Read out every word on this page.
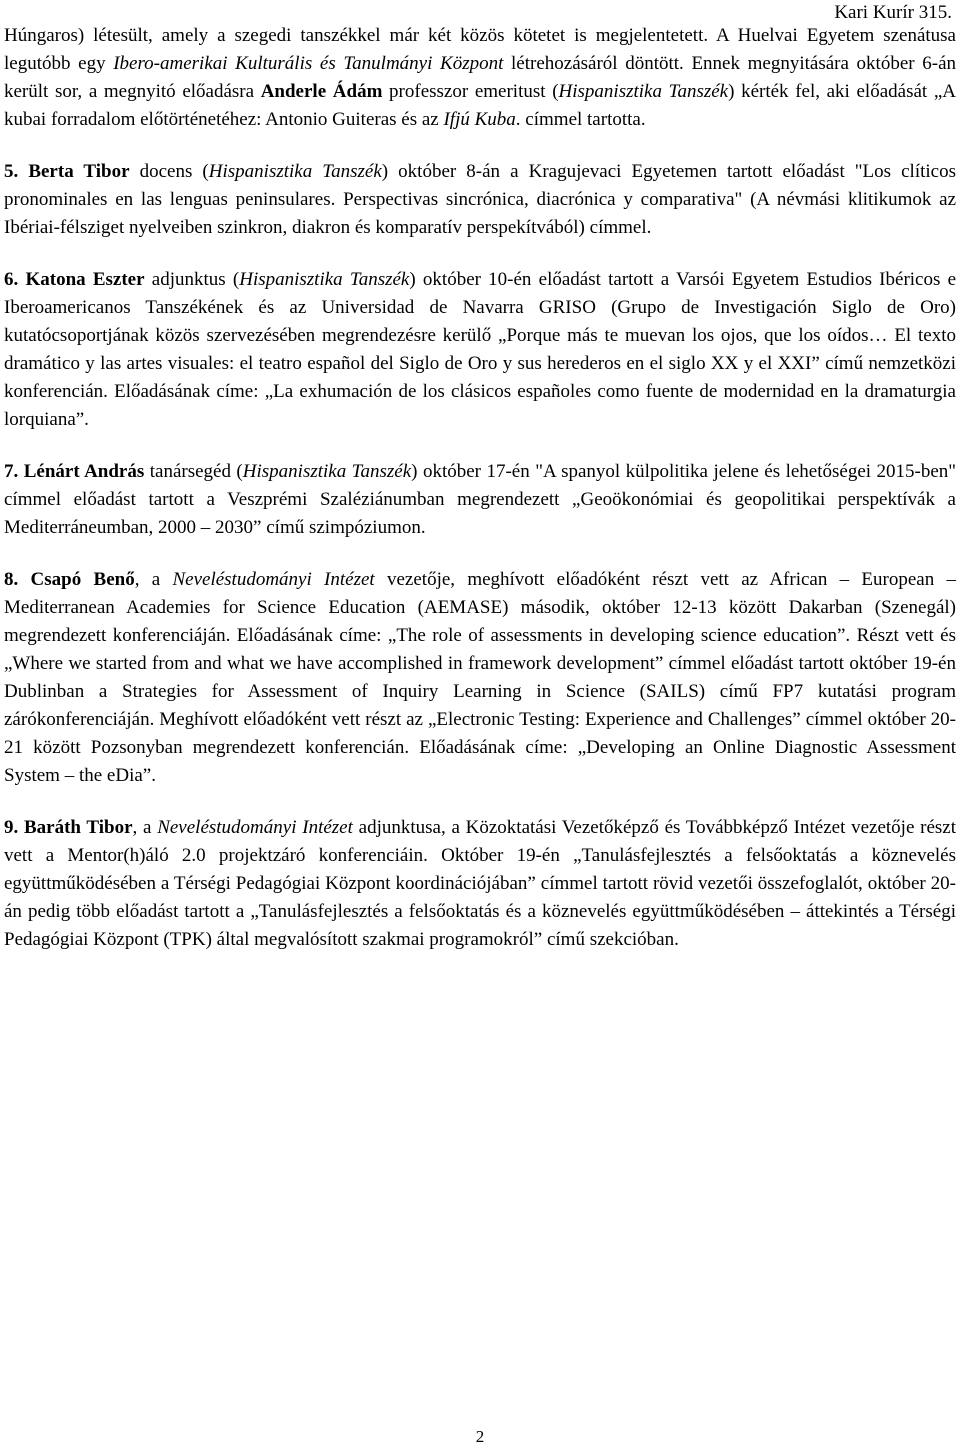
Kari Kurír 315.

Húngaros) létesült, amely a szegedi tanszékkel már két közös kötetet is megjelentetett. A Huelvai Egyetem szenátusa legutóbb egy Ibero-amerikai Kulturális és Tanulmányi Központ létrehozásáról döntött. Ennek megnyitására október 6-án került sor, a megnyitó előadásra Anderle Ádám professzor emeritust (Hispanisztika Tanszék) kérték fel, aki előadását „A kubai forradalom előtörténetéhez: Antonio Guiteras és az Ifjú Kuba. címmel tartotta.

5. Berta Tibor docens (Hispanisztika Tanszék) október 8-án a Kragujevaci Egyetemen tartott előadást "Los clíticos pronominales en las lenguas peninsulares. Perspectivas sincrónica, diacrónica y comparativa" (A névmási klitikumok az Ibériai-félsziget nyelveiben szinkron, diakron és komparatív perspekítvából) címmel.

6. Katona Eszter adjunktus (Hispanisztika Tanszék) október 10-én előadást tartott a Varsói Egyetem Estudios Ibéricos e Iberoamericanos Tanszékének és az Universidad de Navarra GRISO (Grupo de Investigación Siglo de Oro) kutatócsoportjának közös szervezésében megrendezésre kerülő „Porque más te muevan los ojos, que los oídos… El texto dramático y las artes visuales: el teatro español del Siglo de Oro y sus herederos en el siglo XX y el XXI” című nemzetközi konferencián. Előadásának címe: „La exhumación de los clásicos españoles como fuente de modernidad en la dramaturgia lorquiana”.

7. Lénárt András tanársegéd (Hispanisztika Tanszék) október 17-én "A spanyol külpolitika jelene és lehetőségei 2015-ben" címmel előadást tartott a Veszprémi Szaléziánumban megrendezett „Geoökonómiai és geopolitikai perspektívák a Mediterráneumban, 2000 – 2030” című szimpóziumon.

8. Csapó Benő, a Neveléstudományi Intézet vezetője, meghívott előadóként részt vett az African – European – Mediterranean Academies for Science Education (AEMASE) második, október 12-13 között Dakarban (Szenegál) megrendezett konferenciáján. Előadásának címe: „The role of assessments in developing science education”. Részt vett és „Where we started from and what we have accomplished in framework development” címmel előadást tartott október 19-én Dublinban a Strategies for Assessment of Inquiry Learning in Science (SAILS) című FP7 kutatási program zárókonferenciáján. Meghívott előadóként vett részt az „Electronic Testing: Experience and Challenges” címmel október 20-21 között Pozsonyban megrendezett konferencián. Előadásának címe: „Developing an Online Diagnostic Assessment System – the eDia”.

9. Baráth Tibor, a Neveléstudományi Intézet adjunktusa, a Közoktatási Vezetőképző és Továbbképző Intézet vezetője részt vett a Mentor(h)áló 2.0 projektzáró konferenciáin. Október 19-én „Tanulásfejlesztés a felsőoktatás a köznevelés együttműködésében a Térségi Pedagógiai Központ koordinációjában” címmel tartott rövid vezetői összefoglalót, október 20-án pedig több előadást tartott a „Tanulásfejlesztés a felsőoktatás és a köznevelés együttműködésében – áttekintés a Térségi Pedagógiai Központ (TPK) által megvalósított szakmai programokról” című szekcióban.

2
